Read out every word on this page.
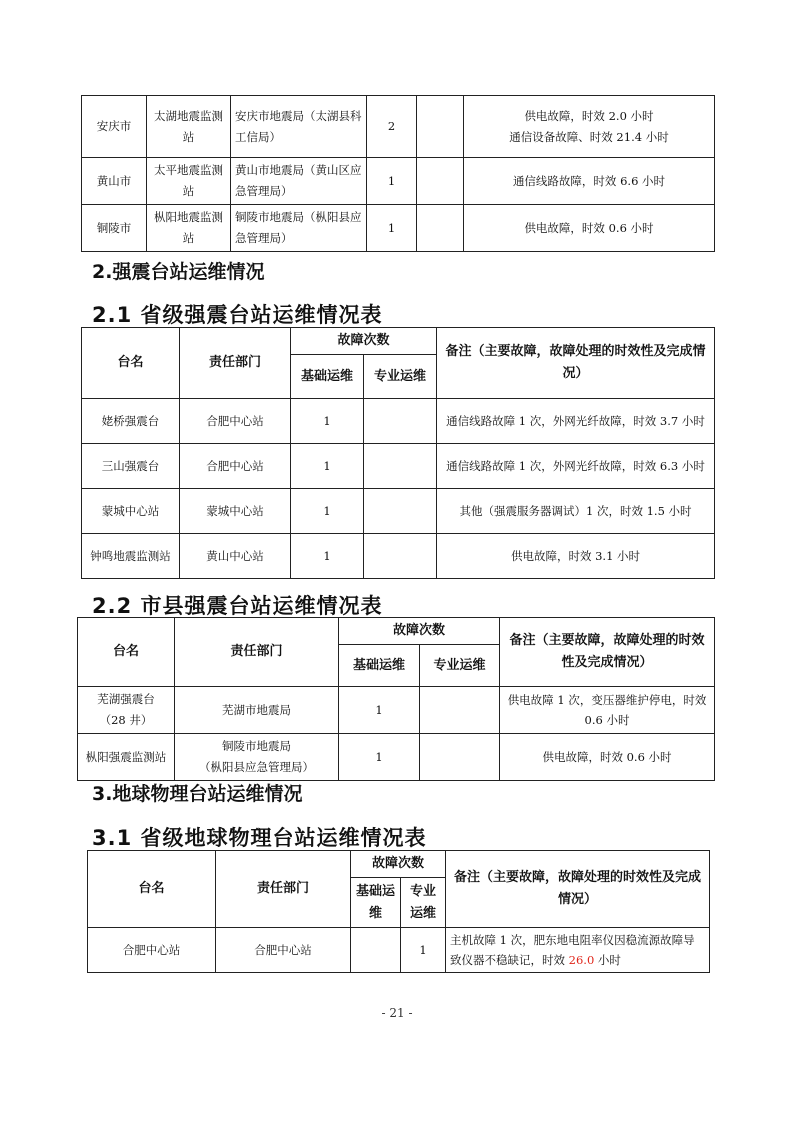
安庆市	太湖地震监测站	安庆市地震局（太湖县科工信局）	2		供电故障，时效 2.0 小时
通信设备故障、时效 21.4 小时

黄山市	太平地震监测站	黄山市地震局（黄山区应急管理局）	1		通信线路故障，时效 6.6 小时

铜陵市	枞阳地震监测站	铜陵市地震局（枞阳县应急管理局）	1		供电故障，时效 0.6 小时
2.强震台站运维情况
2.1 省级强震台站运维情况表
台名	责任部门	故障次数		备注（主要故障，故障处理的时效性及完成情况）
		基础运维	专业运维	
姥桥强震台	合肥中心站	1		通信线路故障 1 次，外网光纤故障，时效 3.7 小时
三山强震台	合肥中心站	1		通信线路故障 1 次，外网光纤故障，时效 6.3 小时
蒙城中心站	蒙城中心站	1		其他（强震服务器调试）1 次，时效 1.5 小时
钟鸣地震监测站	黄山中心站	1		供电故障，时效 3.1 小时
2.2 市县强震台站运维情况表
台名	责任部门	故障次数		备注（主要故障，故障处理的时效性及完成情况）
		基础运维	专业运维	

芜湖强震台
（28 井）	芜湖市地震局	1		供电故障 1 次，变压器维护停电，时效 0.6 小时
枞阳强震监测站	铜陵市地震局
（枞阳县应急管理局）	1		供电故障，时效 0.6 小时
3.地球物理台站运维情况
3.1 省级地球物理台站运维情况表
台名	责任部门	故障次数		备注（主要故障，故障处理的时效性及完成情况）
		基础运维	专业运维	
合肥中心站	合肥中心站		1	主机故障 1 次，肥东地电阻率仪因稳流源故障导致仪器不稳缺记，时效 26.0 小时
- 21 -
